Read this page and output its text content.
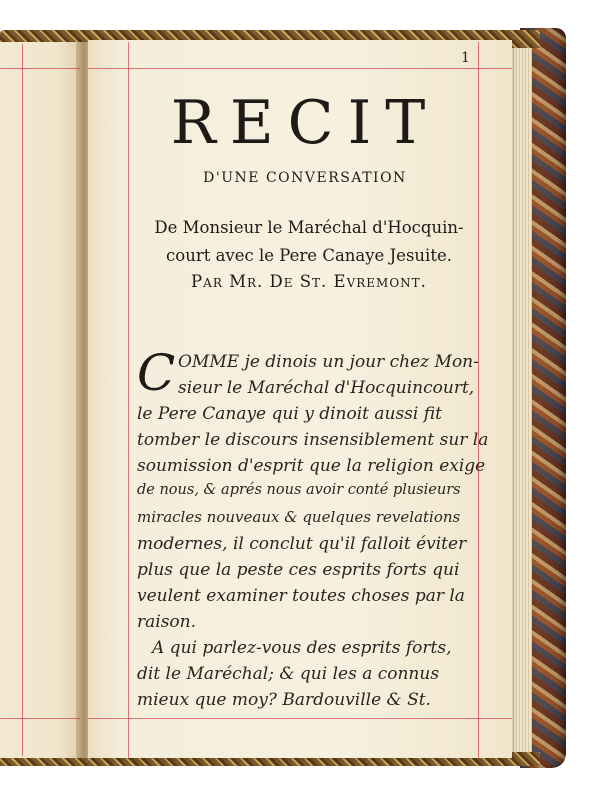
1
RECIT
D'UNE CONVERSATION
De Monsieur le Maréchal d'Hocquin-
court avec le Pere Canaye Jesuite.
Par Mr. De St. Evremont.
C OMME je dinois un jour chez Mon-
sieur le Maréchal d'Hocquincourt,
le Pere Canaye qui y dinoit aussi fit
tomber le discours insensiblement sur la
soumission d'esprit que la religion exige
de nous, & aprés nous avoir conté plusieurs
miracles nouveaux & quelques revelations
modernes, il conclut qu'il falloit éviter
plus que la peste ces esprits forts qui
veulent examiner toutes choses par la
raison.
A qui parlez-vous des esprits forts,
dit le Maréchal; & qui les a connus
mieux que moy? Bardouville & St.
